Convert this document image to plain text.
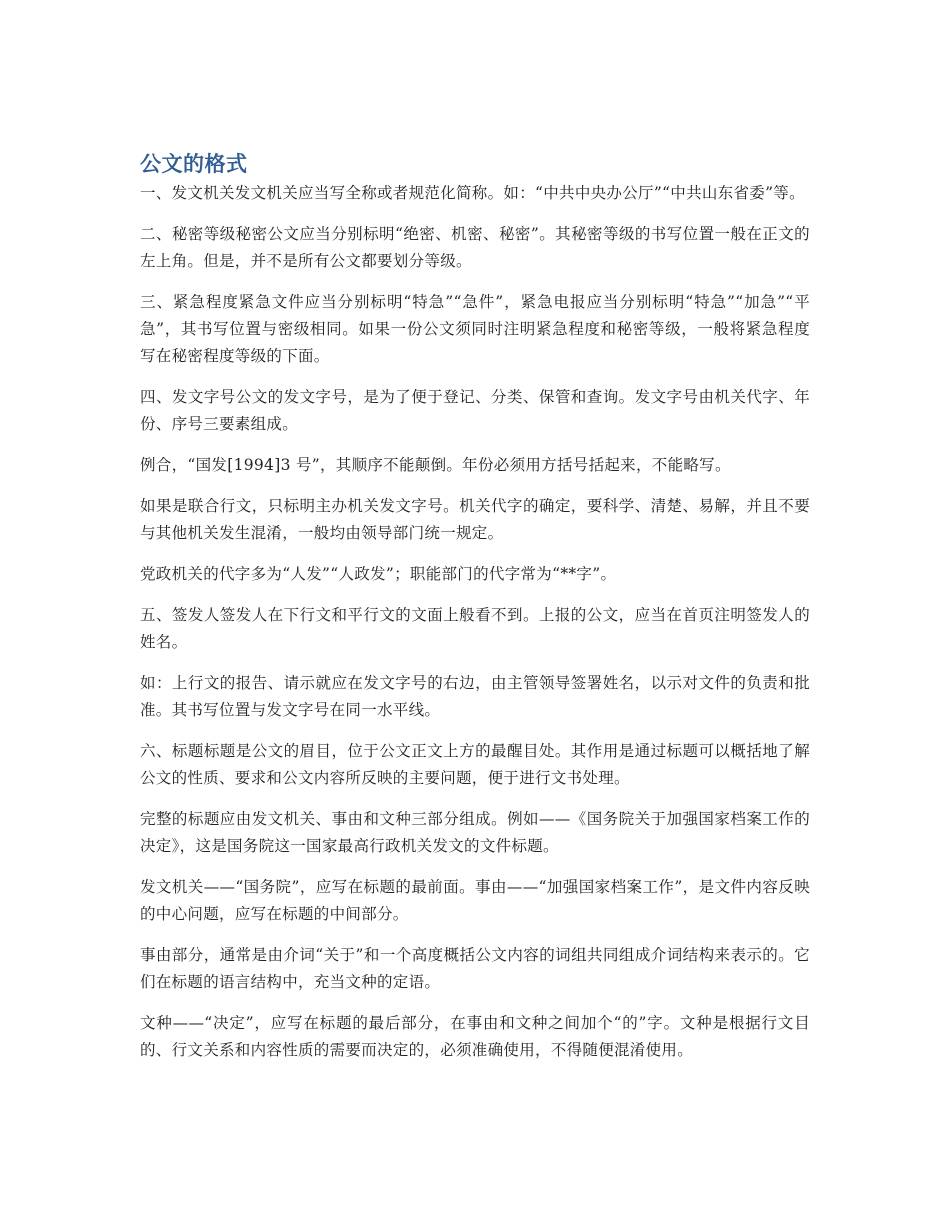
公文的格式

一、发文机关发文机关应当写全称或者规范化简称。如：“中共中央办公厅”“中共山东省委”等。

二、秘密等级秘密公文应当分别标明“绝密、机密、秘密”。其秘密等级的书写位置一般在正文的左上角。但是，并不是所有公文都要划分等级。

三、紧急程度紧急文件应当分别标明“特急”“急件”，紧急电报应当分别标明“特急”“加急”“平急”，其书写位置与密级相同。如果一份公文须同时注明紧急程度和秘密等级，一般将紧急程度写在秘密程度等级的下面。

四、发文字号公文的发文字号，是为了便于登记、分类、保管和查询。发文字号由机关代字、年份、序号三要素组成。

例合，“国发[1994]3 号”，其顺序不能颠倒。年份必须用方括号括起来，不能略写。

如果是联合行文，只标明主办机关发文字号。机关代字的确定，要科学、清楚、易解，并且不要与其他机关发生混淆，一般均由领导部门统一规定。

党政机关的代字多为“人发”“人政发”；职能部门的代字常为“**字”。

五、签发人签发人在下行文和平行文的文面上般看不到。上报的公文，应当在首页注明签发人的姓名。

如：上行文的报告、请示就应在发文字号的右边，由主管领导签署姓名，以示对文件的负责和批准。其书写位置与发文字号在同一水平线。

六、标题标题是公文的眉目，位于公文正文上方的最醒目处。其作用是通过标题可以概括地了解公文的性质、要求和公文内容所反映的主要问题，便于进行文书处理。

完整的标题应由发文机关、事由和文种三部分组成。例如——《国务院关于加强国家档案工作的决定》，这是国务院这一国家最高行政机关发文的文件标题。

发文机关——“国务院”，应写在标题的最前面。事由——“加强国家档案工作”，是文件内容反映的中心问题，应写在标题的中间部分。

事由部分，通常是由介词“关于”和一个高度概括公文内容的词组共同组成介词结构来表示的。它们在标题的语言结构中，充当文种的定语。

文种——“决定”，应写在标题的最后部分，在事由和文种之间加个“的”字。文种是根据行文目的、行文关系和内容性质的需要而决定的，必须准确使用，不得随便混淆使用。
